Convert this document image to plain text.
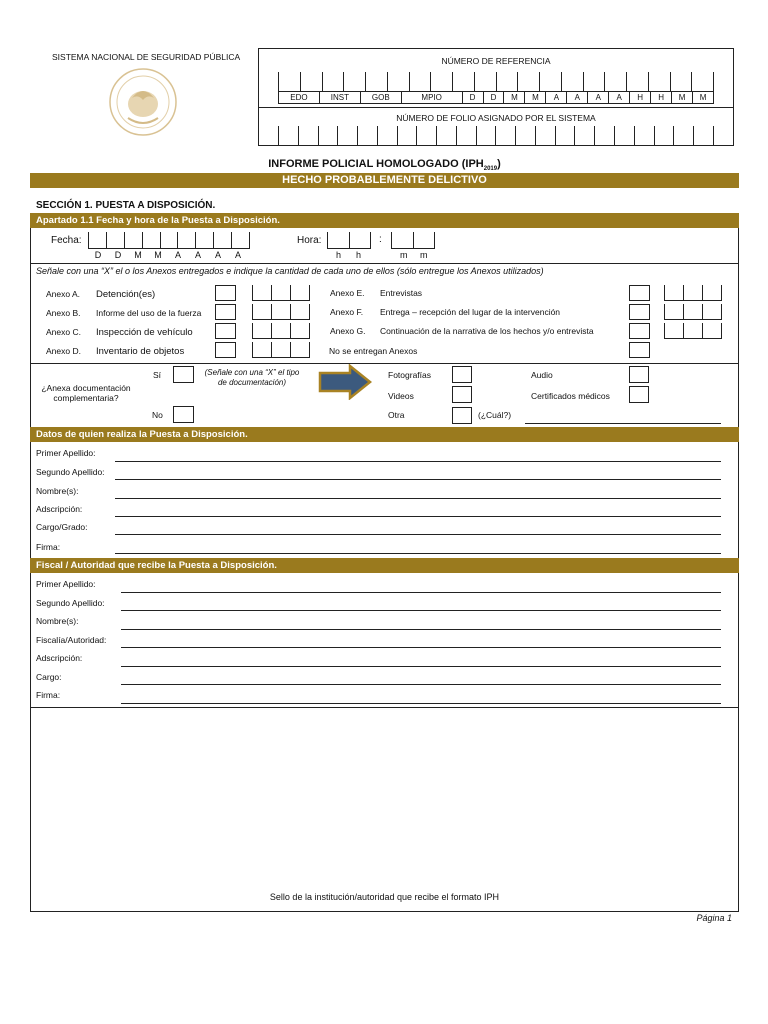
SISTEMA NACIONAL DE SEGURIDAD PÚBLICA	NÚMERO DE REFERENCIA
EDO	INST	GOB	MPIO	D	D	M	M	A	A	A	A	H	H	M	M
NÚMERO DE FOLIO ASIGNADO POR EL SISTEMA
INFORME POLICIAL HOMOLOGADO $(IPH_{2019})$
HECHO PROBABLEMENTE DELICTIVO
SECCIÓN 1. PUESTA A DISPOSICIÓN.
Apartado 1.1 Fecha y hora de la Puesta a Disposición.
Fecha:
D	D	M	M	A	A	A	A
Hora:	:
h h	m m
Señale con una “X” el o los Anexos entregados e indique la cantidad de cada uno de ellos (sólo entregue los Anexos utilizados)
Anexo A. Detención(es)
Anexo B. Informe del uso de la fuerza
Anexo C. Inspección de vehículo
Anexo D. Inventario de objetos
Anexo E. Entrevistas
Anexo F. Entrega – recepción del lugar de la intervención
Anexo G. Continuación de la narrativa de los hechos y/o entrevista
No se entregan Anexos
¿Anexa documentación complementaria?
Sí
No
(Señale con una “X” el tipo de documentación)
Fotografías
Videos
Otra	(¿Cuál?)
Audio
Certificados médicos
Datos de quien realiza la Puesta a Disposición.
Primer Apellido:
Segundo Apellido:
Nombre(s):
Adscripción:
Cargo/Grado:
Firma:
Fiscal / Autoridad que recibe la Puesta a Disposición.
Primer Apellido:
Segundo Apellido:
Nombre(s):
Fiscalía/Autoridad:
Adscripción:
Cargo:
Firma:
Sello de la institución/autoridad que recibe el formato IPH
Página 1
